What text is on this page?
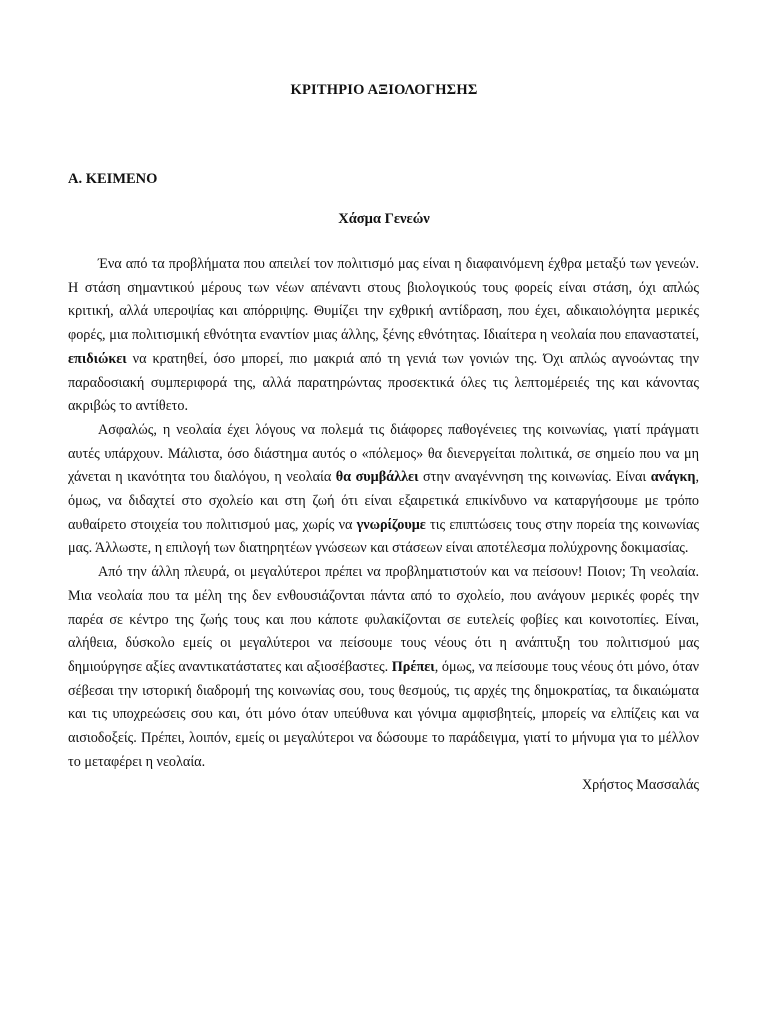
ΚΡΙΤΗΡΙΟ ΑΞΙΟΛΟΓΗΣΗΣ
Α. ΚΕΙΜΕΝΟ
Χάσμα Γενεών

Ένα από τα προβλήματα που απειλεί τον πολιτισμό μας είναι η διαφαινόμενη έχθρα μεταξύ των γενεών. Η στάση σημαντικού μέρους των νέων απέναντι στους βιολογικούς τους φορείς είναι στάση, όχι απλώς κριτική, αλλά υπεροψίας και απόρριψης. Θυμίζει την εχθρική αντίδραση, που έχει, αδικαιολόγητα μερικές φορές, μια πολιτισμική εθνότητα εναντίον μιας άλλης, ξένης εθνότητας. Ιδιαίτερα η νεολαία που επαναστατεί, επιδιώκει να κρατηθεί, όσο μπορεί, πιο μακριά από τη γενιά των γονιών της. Όχι απλώς αγνοώντας την παραδοσιακή συμπεριφορά της, αλλά παρατηρώντας προσεκτικά όλες τις λεπτομέρειές της και κάνοντας ακριβώς το αντίθετο.

Ασφαλώς, η νεολαία έχει λόγους να πολεμά τις διάφορες παθογένειες της κοινωνίας, γιατί πράγματι αυτές υπάρχουν. Μάλιστα, όσο διάστημα αυτός ο «πόλεμος» θα διενεργείται πολιτικά, σε σημείο που να μη χάνεται η ικανότητα του διαλόγου, η νεολαία θα συμβάλλει στην αναγέννηση της κοινωνίας. Είναι ανάγκη, όμως, να διδαχτεί στο σχολείο και στη ζωή ότι είναι εξαιρετικά επικίνδυνο να καταργήσουμε με τρόπο αυθαίρετο στοιχεία του πολιτισμού μας, χωρίς να γνωρίζουμε τις επιπτώσεις τους στην πορεία της κοινωνίας μας. Άλλωστε, η επιλογή των διατηρητέων γνώσεων και στάσεων είναι αποτέλεσμα πολύχρονης δοκιμασίας.

Από την άλλη πλευρά, οι μεγαλύτεροι πρέπει να προβληματιστούν και να πείσουν! Ποιον; Τη νεολαία. Μια νεολαία που τα μέλη της δεν ενθουσιάζονται πάντα από το σχολείο, που ανάγουν μερικές φορές την παρέα σε κέντρο της ζωής τους και που κάποτε φυλακίζονται σε ευτελείς φοβίες και κοινοτοπίες. Είναι, αλήθεια, δύσκολο εμείς οι μεγαλύτεροι να πείσουμε τους νέους ότι η ανάπτυξη του πολιτισμού μας δημιούργησε αξίες αναντικατάστατες και αξιοσέβαστες. Πρέπει, όμως, να πείσουμε τους νέους ότι μόνο, όταν σέβεσαι την ιστορική διαδρομή της κοινωνίας σου, τους θεσμούς, τις αρχές της δημοκρατίας, τα δικαιώματα και τις υποχρεώσεις σου και, ότι μόνο όταν υπεύθυνα και γόνιμα αμφισβητείς, μπορείς να ελπίζεις και να αισιοδοξείς. Πρέπει, λοιπόν, εμείς οι μεγαλύτεροι να δώσουμε το παράδειγμα, γιατί το μήνυμα για το μέλλον το μεταφέρει η νεολαία.

Χρήστος Μασσαλάς
